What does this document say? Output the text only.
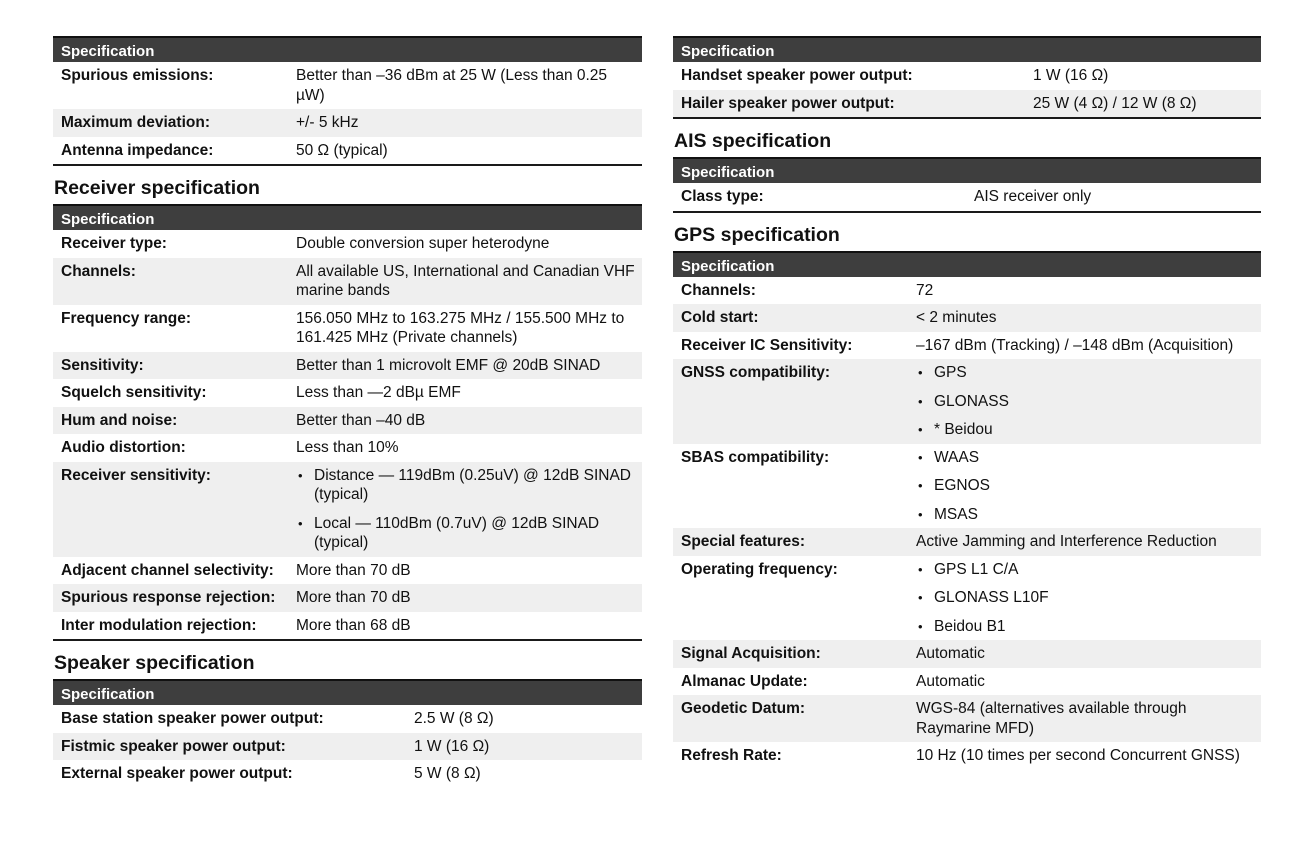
Specification
Spurious emissions:	Better than –36 dBm at 25 W (Less than 0.25 µW)
Maximum deviation:	+/- 5 kHz
Antenna impedance:	50 Ω (typical)
Receiver specification
Specification
Receiver type:	Double conversion super heterodyne
Channels:	All available US, International and Canadian VHF marine bands
Frequency range:	156.050 MHz to 163.275 MHz / 155.500 MHz to 161.425 MHz (Private channels)
Sensitivity:	Better than 1 microvolt EMF @ 20dB SINAD
Squelch sensitivity:	Less than —2 dBµ EMF
Hum and noise:	Better than –40 dB
Audio distortion:	Less than 10%
Receiver sensitivity:	• Distance — 119dBm (0.25uV) @ 12dB SINAD (typical)
• Local — 110dBm (0.7uV) @ 12dB SINAD (typical)
Adjacent channel selectivity:	More than 70 dB
Spurious response rejection:	More than 70 dB
Inter modulation rejection:	More than 68 dB
Speaker specification
Specification
Base station speaker power output:	2.5 W (8 Ω)
Fistmic speaker power output:	1 W (16 Ω)
External speaker power output:	5 W (8 Ω)
Specification
Handset speaker power output:	1 W (16 Ω)
Hailer speaker power output:	25 W (4 Ω) / 12 W (8 Ω)
AIS specification
Specification
Class type:	AIS receiver only
GPS specification
Specification
Channels:	72
Cold start:	< 2 minutes
Receiver IC Sensitivity:	–167 dBm (Tracking) / –148 dBm (Acquisition)
GNSS compatibility:	• GPS
• GLONASS
• * Beidou
SBAS compatibility:	• WAAS
• EGNOS
• MSAS
Special features:	Active Jamming and Interference Reduction
Operating frequency:	• GPS L1 C/A
• GLONASS L10F
• Beidou B1
Signal Acquisition:	Automatic
Almanac Update:	Automatic
Geodetic Datum:	WGS-84 (alternatives available through Raymarine MFD)
Refresh Rate:	10 Hz (10 times per second Concurrent GNSS)
